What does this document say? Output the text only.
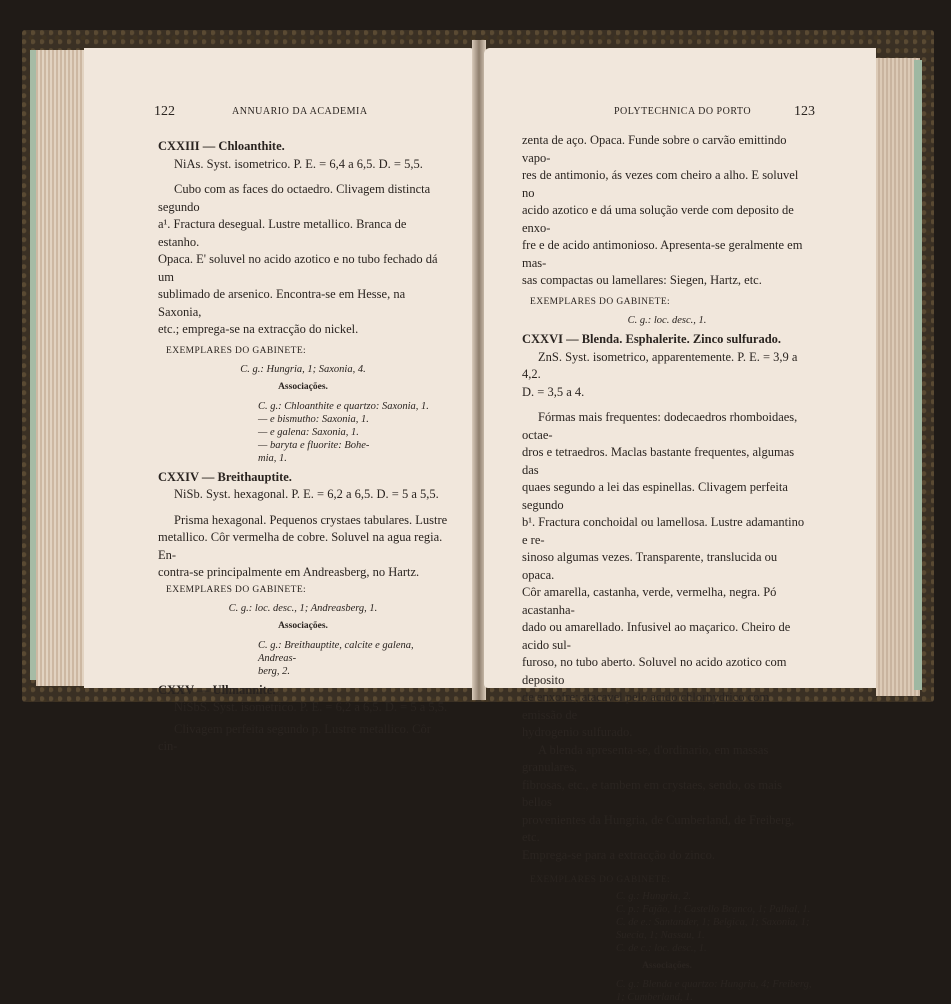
122	ANNUARIO DA ACADEMIA

CXXIII — Chloanthite.

NiAs. Syst. isometrico. P. E. = 6,4 a 6,5. D. = 5,5.

Cubo com as faces do octaedro. Clivagem distincta segundo

a¹. Fractura desegual. Lustre metallico. Branca de estanho.

Opaca. E' soluvel no acido azotico e no tubo fechado dá um

sublimado de arsenico. Encontra-se em Hesse, na Saxonia,

etc.; emprega-se na extracção do nickel.

EXEMPLARES DO GABINETE:

C. g.: Hungria, 1; Saxonia, 4.

Associações.

C. g.: Chloanthite e quartzo: Saxonia, 1.

— e bismutho: Saxonia, 1.

— e galena: Saxonia, 1.

— baryta e fluorite: Bohe-

mia, 1.

CXXIV — Breithauptite.

NiSb. Syst. hexagonal. P. E. = 6,2 a 6,5. D. = 5 a 5,5.

Prisma hexagonal. Pequenos crystaes tabulares. Lustre

metallico. Côr vermelha de cobre. Soluvel na agua regia. En-

contra-se principalmente em Andreasberg, no Hartz.

EXEMPLARES DO GABINETE:

C. g.: loc. desc., 1; Andreasberg, 1.

Associações.

C. g.: Breithauptite, calcite e galena, Andreas-

berg, 2.

CXXV — Ullmannite.

NiSbS. Syst. isometrico. P. E. = 6,2 a 6,5. D. = 5 a 5,5.

Clivagem perfeita segundo p. Lustre metallico. Côr cin-

POLYTECHNICA DO PORTO	123

zenta de aço. Opaca. Funde sobre o carvão emittindo vapo-

res de antimonio, ás vezes com cheiro a alho. E soluvel no

acido azotico e dá uma solução verde com deposito de enxo-

fre e de acido antimonioso. Apresenta-se geralmente em mas-

sas compactas ou lamellares: Siegen, Hartz, etc.

EXEMPLARES DO GABINETE:

C. g.: loc. desc., 1.

CXXVI — Blenda. Esphalerite. Zinco sulfurado.

ZnS. Syst. isometrico, apparentemente. P. E. = 3,9 a 4,2.

D. = 3,5 a 4.

Fórmas mais frequentes: dodecaedros rhomboidaes, octae-

dros e tetraedros. Maclas bastante frequentes, algumas das

quaes segundo a lei das espinellas. Clivagem perfeita segundo

b¹. Fractura conchoidal ou lamellosa. Lustre adamantino e re-

sinoso algumas vezes. Transparente, translucida ou opaca.

Côr amarella, castanha, verde, vermelha, negra. Pó acastanha-

dado ou amarellado. Infusivel ao maçarico. Cheiro de acido sul-

furoso, no tubo aberto. Soluvel no acido azotico com deposito

de enxofre; atacavel pelo acido chlorhydrico com emissão de

hydrogenio sulfurado.

A blenda apresenta-se, d'ordinario, em massas granulares,

fibrosas, etc., e tambem em crystaes, sendo, os mais bellos

provenientes da Hungria, de Cumberland, de Freiberg, etc.

Emprega-se para a extracção do zinco.

EXEMPLARES DO GABINETE:

C. g.: Hungria, 2.

C. p.: Fajão, 1; Castello Branco, 1; Palhal, 1.

C. de e.: Santander, 1; Belgica, 1; Saxonia, 1;

Suecia, 1; Nassau, 1.

C. de c.: loc. desc., 1.

Associações.

C. g.: Blenda e quartzo: Hungria, 4; Freiberg,

1; Cumberland, 1.
